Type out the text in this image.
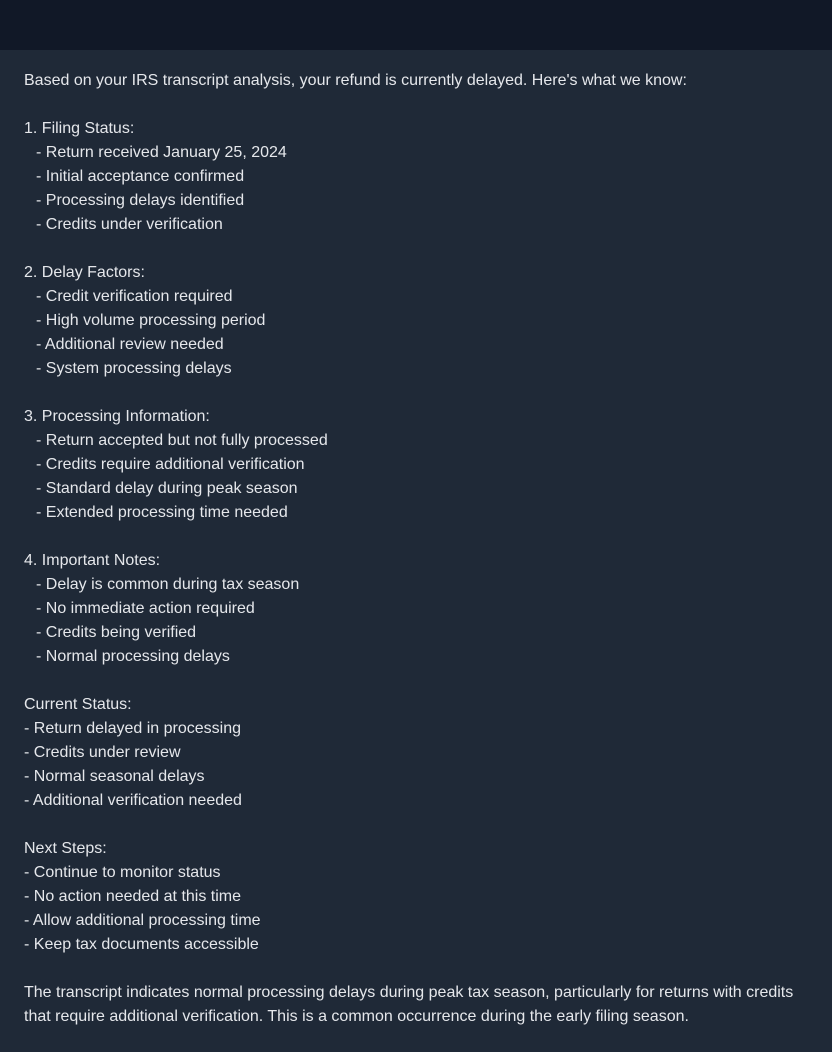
Based on your IRS transcript analysis, your refund is currently delayed. Here's what we know:
1. Filing Status:
- Return received January 25, 2024
- Initial acceptance confirmed
- Processing delays identified
- Credits under verification
2. Delay Factors:
- Credit verification required
- High volume processing period
- Additional review needed
- System processing delays
3. Processing Information:
- Return accepted but not fully processed
- Credits require additional verification
- Standard delay during peak season
- Extended processing time needed
4. Important Notes:
- Delay is common during tax season
- No immediate action required
- Credits being verified
- Normal processing delays
Current Status:
- Return delayed in processing
- Credits under review
- Normal seasonal delays
- Additional verification needed
Next Steps:
- Continue to monitor status
- No action needed at this time
- Allow additional processing time
- Keep tax documents accessible
The transcript indicates normal processing delays during peak tax season, particularly for returns with credits that require additional verification. This is a common occurrence during the early filing season.
